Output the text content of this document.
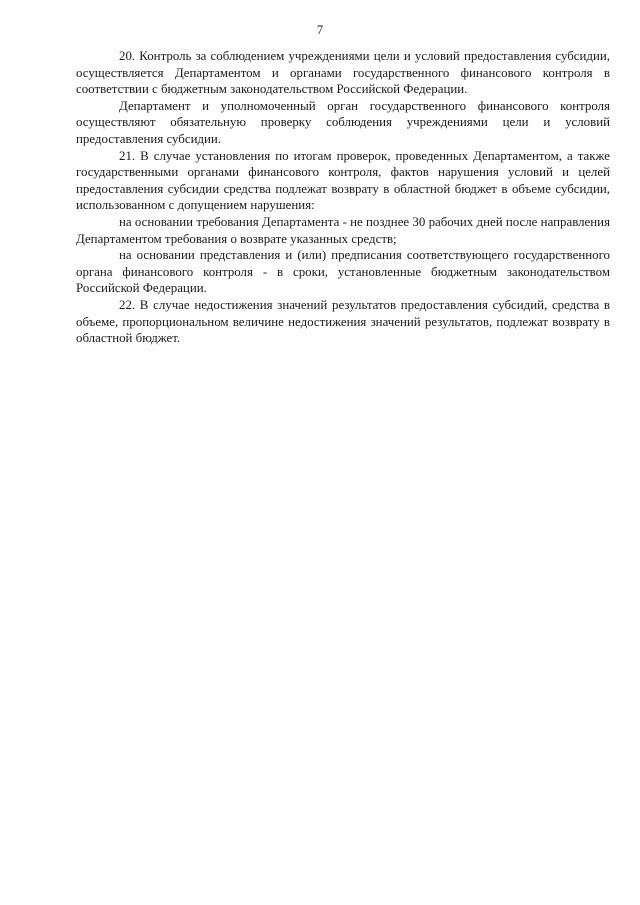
7

20. Контроль за соблюдением учреждениями цели и условий предоставления субсидии, осуществляется Департаментом и органами государственного финансового контроля в соответствии с бюджетным законодательством Российской Федерации.

Департамент и уполномоченный орган государственного финансового контроля осуществляют обязательную проверку соблюдения учреждениями цели и условий предоставления субсидии.

21. В случае установления по итогам проверок, проведенных Департаментом, а также государственными органами финансового контроля, фактов нарушения условий и целей предоставления субсидии средства подлежат возврату в областной бюджет в объеме субсидии, использованном с допущением нарушения:

на основании требования Департамента - не позднее 30 рабочих дней после направления Департаментом требования о возврате указанных средств;

на основании представления и (или) предписания соответствующего государственного органа финансового контроля - в сроки, установленные бюджетным законодательством Российской Федерации.

22. В случае недостижения значений результатов предоставления субсидий, средства в объеме, пропорциональном величине недостижения значений результатов, подлежат возврату в областной бюджет.
